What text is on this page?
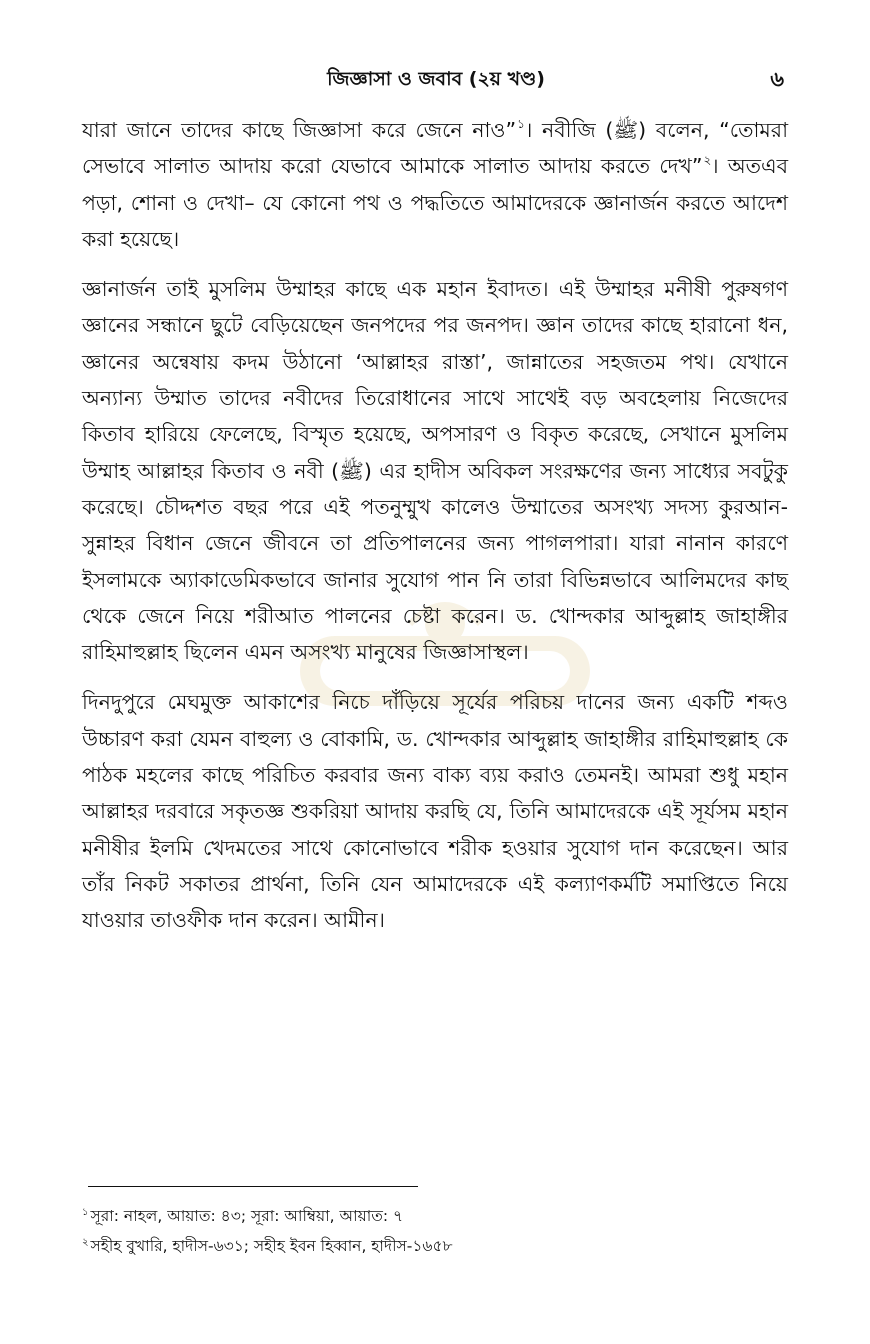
জিজ্ঞাসা ও জবাব (২য় খণ্ড)	৬

যারা জানে তাদের কাছে জিজ্ঞাসা করে জেনে নাও”$^১$। নবীজি (ﷺ) বলেন, “তোমরা সেভাবে সালাত আদায় করো যেভাবে আমাকে সালাত আদায় করতে দেখ”$^২$। অতএব পড়া, শোনা ও দেখা– যে কোনো পথ ও পদ্ধতিতে আমাদেরকে জ্ঞানার্জন করতে আদেশ করা হয়েছে।

জ্ঞানার্জন তাই মুসলিম উম্মাহর কাছে এক মহান ইবাদত। এই উম্মাহর মনীষী পুরুষগণ জ্ঞানের সন্ধানে ছুটে বেড়িয়েছেন জনপদের পর জনপদ। জ্ঞান তাদের কাছে হারানো ধন, জ্ঞানের অন্বেষায় কদম উঠানো ‘আল্লাহর রাস্তা’, জান্নাতের সহজতম পথ। যেখানে অন্যান্য উম্মাত তাদের নবীদের তিরোধানের সাথে সাথেই বড় অবহেলায় নিজেদের কিতাব হারিয়ে ফেলেছে, বিস্মৃত হয়েছে, অপসারণ ও বিকৃত করেছে, সেখানে মুসলিম উম্মাহ আল্লাহর কিতাব ও নবী (ﷺ) এর হাদীস অবিকল সংরক্ষণের জন্য সাধ্যের সবটুকু করেছে। চৌদ্দশত বছর পরে এই পতনুম্মুখ কালেও উম্মাতের অসংখ্য সদস্য কুরআন-সুন্নাহর বিধান জেনে জীবনে তা প্রতিপালনের জন্য পাগলপারা। যারা নানান কারণে ইসলামকে অ্যাকাডেমিকভাবে জানার সুযোগ পান নি তারা বিভিন্নভাবে আলিমদের কাছ থেকে জেনে নিয়ে শরীআত পালনের চেষ্টা করেন। ড. খোন্দকার আব্দুল্লাহ জাহাঙ্গীর রাহিমাহুল্লাহ ছিলেন এমন অসংখ্য মানুষের জিজ্ঞাসাস্থল।

দিনদুপুরে মেঘমুক্ত আকাশের নিচে দাঁড়িয়ে সূর্যের পরিচয় দানের জন্য একটি শব্দও উচ্চারণ করা যেমন বাহুল্য ও বোকামি, ড. খোন্দকার আব্দুল্লাহ জাহাঙ্গীর রাহিমাহুল্লাহ কে পাঠক মহলের কাছে পরিচিত করবার জন্য বাক্য ব্যয় করাও তেমনই। আমরা শুধু মহান আল্লাহর দরবারে সকৃতজ্ঞ শুকরিয়া আদায় করছি যে, তিনি আমাদেরকে এই সূর্যসম মহান মনীষীর ইলমি খেদমতের সাথে কোনোভাবে শরীক হওয়ার সুযোগ দান করেছেন। আর তাঁর নিকট সকাতর প্রার্থনা, তিনি যেন আমাদেরকে এই কল্যাণকর্মটি সমাপ্তিতে নিয়ে যাওয়ার তাওফীক দান করেন। আমীন।

$^১$ সূরা: নাহল, আয়াত: ৪৩; সূরা: আম্বিয়া, আয়াত: ৭

$^২$ সহীহ বুখারি, হাদীস-৬৩১; সহীহ ইবন হিব্বান, হাদীস-১৬৫৮
